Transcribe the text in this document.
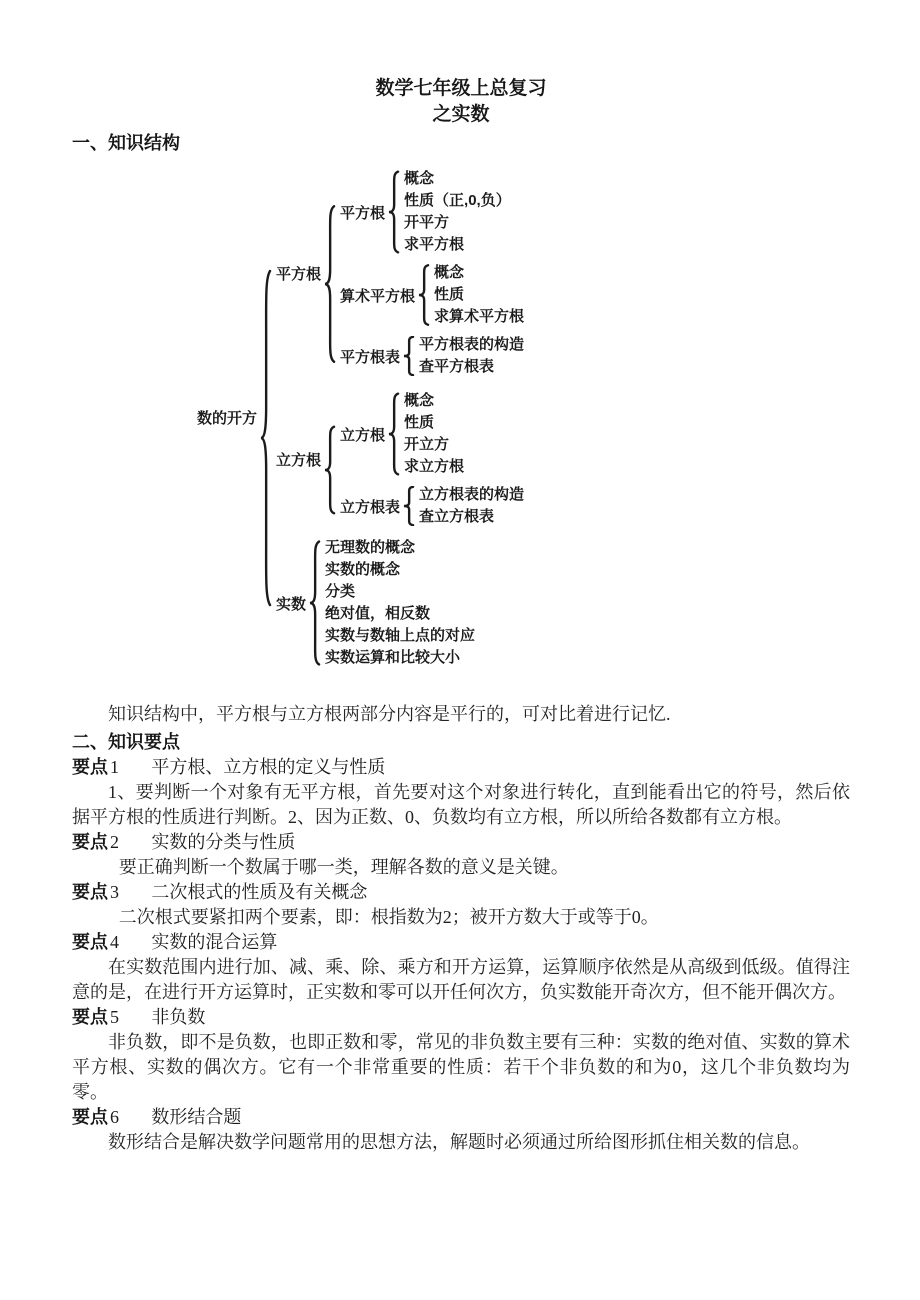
数学七年级上总复习
之实数
一、知识结构
数的开方
平方根
平方根
概念
性质（正,0,负）
开平方
求平方根
算术平方根
概念
性质
求算术平方根
平方根表
平方根表的构造
查平方根表
立方根
立方根
概念
性质
开立方
求立方根
立方根表
立方根表的构造
查立方根表
实数
无理数的概念
实数的概念
分类
绝对值，相反数
实数与数轴上点的对应
实数运算和比较大小

知识结构中，平方根与立方根两部分内容是平行的，可对比着进行记忆.

二、知识要点
要点 1 平方根、立方根的定义与性质

1、要判断一个对象有无平方根，首先要对这个对象进行转化，直到能看出它的符号，然后依据平方根的性质进行判断。2、因为正数、0、负数均有立方根，所以所给各数都有立方根。

要点 2 实数的分类与性质

要正确判断一个数属于哪一类，理解各数的意义是关键。

要点 3 二次根式的性质及有关概念

二次根式要紧扣两个要素，即：根指数为2；被开方数大于或等于0。

要点 4 实数的混合运算

在实数范围内进行加、减、乘、除、乘方和开方运算，运算顺序依然是从高级到低级。值得注意的是，在进行开方运算时，正实数和零可以开任何次方，负实数能开奇次方，但不能开偶次方。

要点 5 非负数

非负数，即不是负数，也即正数和零，常见的非负数主要有三种：实数的绝对值、实数的算术平方根、实数的偶次方。它有一个非常重要的性质：若干个非负数的和为0，这几个非负数均为零。

要点 6 数形结合题

数形结合是解决数学问题常用的思想方法，解题时必须通过所给图形抓住相关数的信息。
